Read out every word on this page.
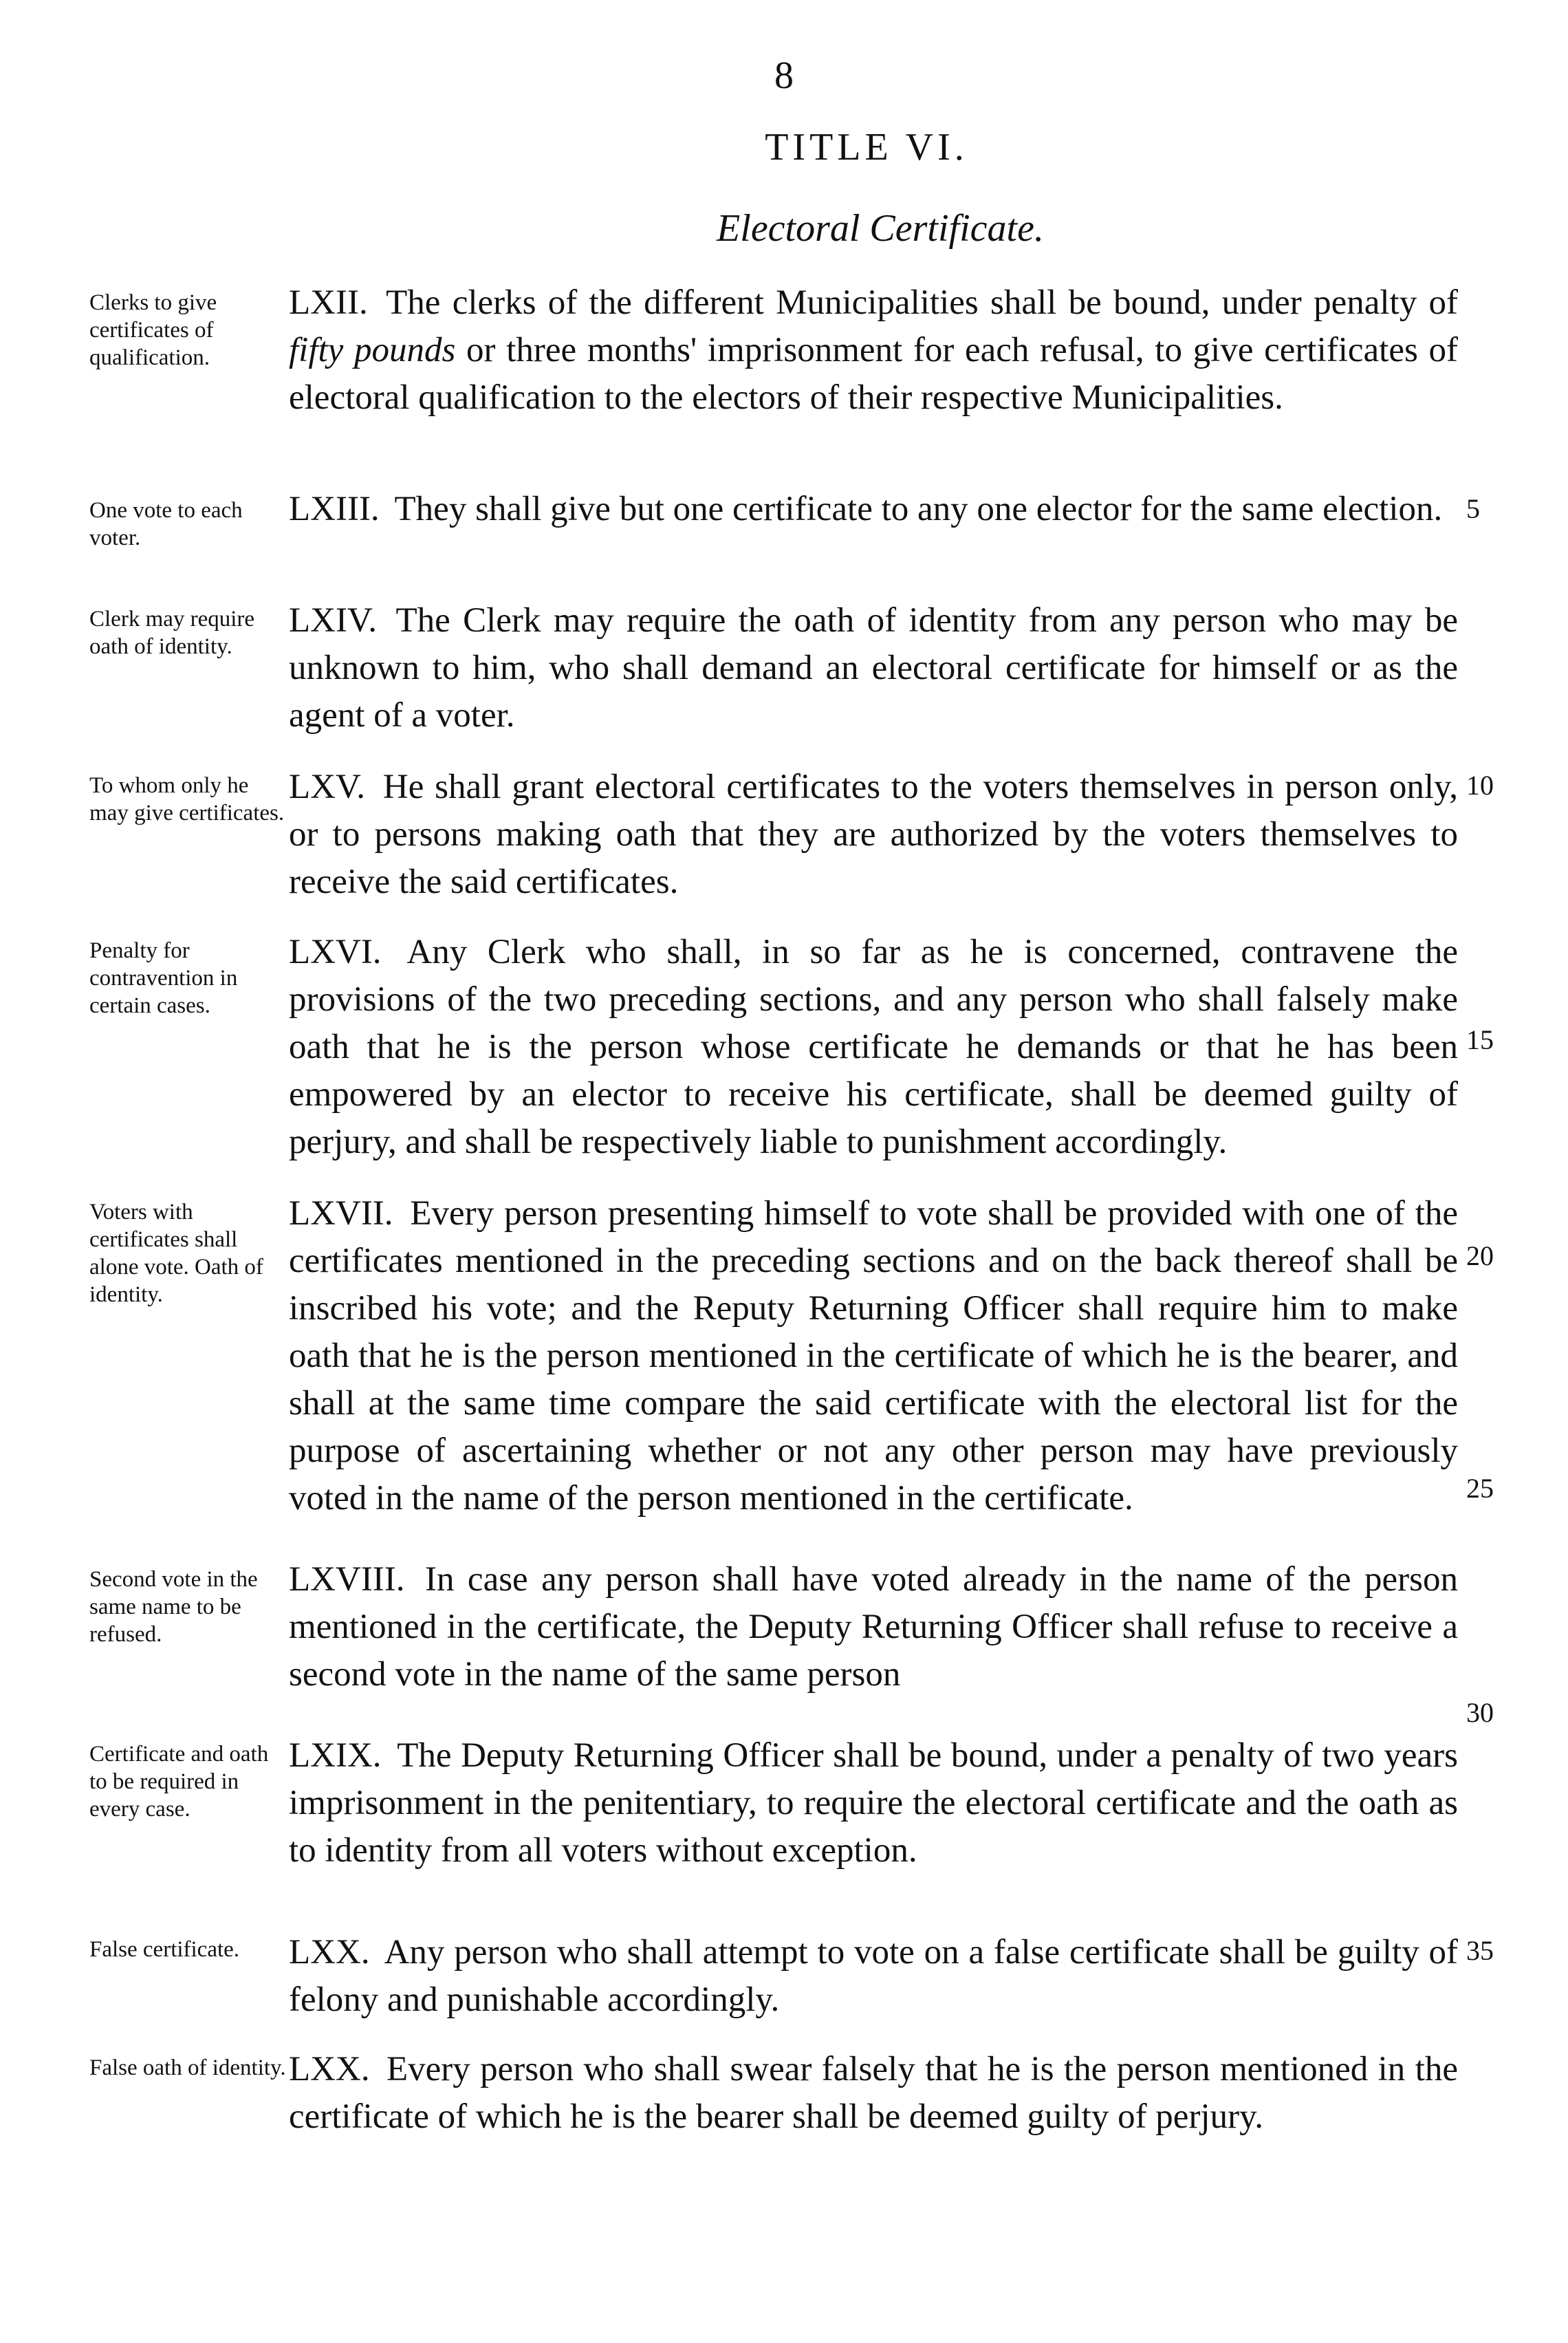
8
TITLE VI.
Electoral Certificate.
Clerks to give certificates of qualification.
LXII. The clerks of the different Municipalities shall be bound, under penalty of fifty pounds or three months' imprisonment for each refusal, to give certificates of electoral qualification to the electors of their respective Municipalities.
One vote to each voter.
LXIII. They shall give but one certificate to any one elector for the same election. 5
Clerk may require oath of identity.
LXIV. The Clerk may require the oath of identity from any person who may be unknown to him, who shall demand an electoral certificate for himself or as the agent of a voter.
To whom only he may give certificates.
LXV. He shall grant electoral certificates to the voters themselves in person only, or to persons making oath that they are authorized by the voters themselves to receive the said certificates.
10
Penalty for contravention in certain cases.
LXVI. Any Clerk who shall, in so far as he is concerned, contravene the provisions of the two preceding sections, and any person who shall falsely make oath that he is the person whose certificate he demands or that he has been empowered by an elector to receive his certificate, shall be deemed guilty of perjury, and shall be respectively liable to punishment accordingly.
15
Voters with certificates shall alone vote. Oath of identity.
LXVII. Every person presenting himself to vote shall be provided with one of the certificates mentioned in the preceding sections and on the back thereof shall be inscribed his vote; and the Reputy Returning Officer shall require him to make oath that he is the person mentioned in the certificate of which he is the bearer, and shall at the same time compare the said certificate with the electoral list for the purpose of ascertaining whether or not any other person may have previously voted in the name of the person mentioned in the certificate.
20
25
Second vote in the same name to be refused.
LXVIII. In case any person shall have voted already in the name of the person mentioned in the certificate, the Deputy Returning Officer shall refuse to receive a second vote in the name of the same person
30
Certificate and oath to be required in every case.
LXIX. The Deputy Returning Officer shall be bound, under a penalty of two years imprisonment in the penitentiary, to require the electoral certificate and the oath as to identity from all voters without exception.
False certificate.	LXX. Any person who shall attempt to vote on a false certificate shall be guilty of felony and punishable accordingly.
35
False oath of identity. LXX. Every person who shall swear falsely that he is the person mentioned in the certificate of which he is the bearer shall be deemed guilty of perjury.
